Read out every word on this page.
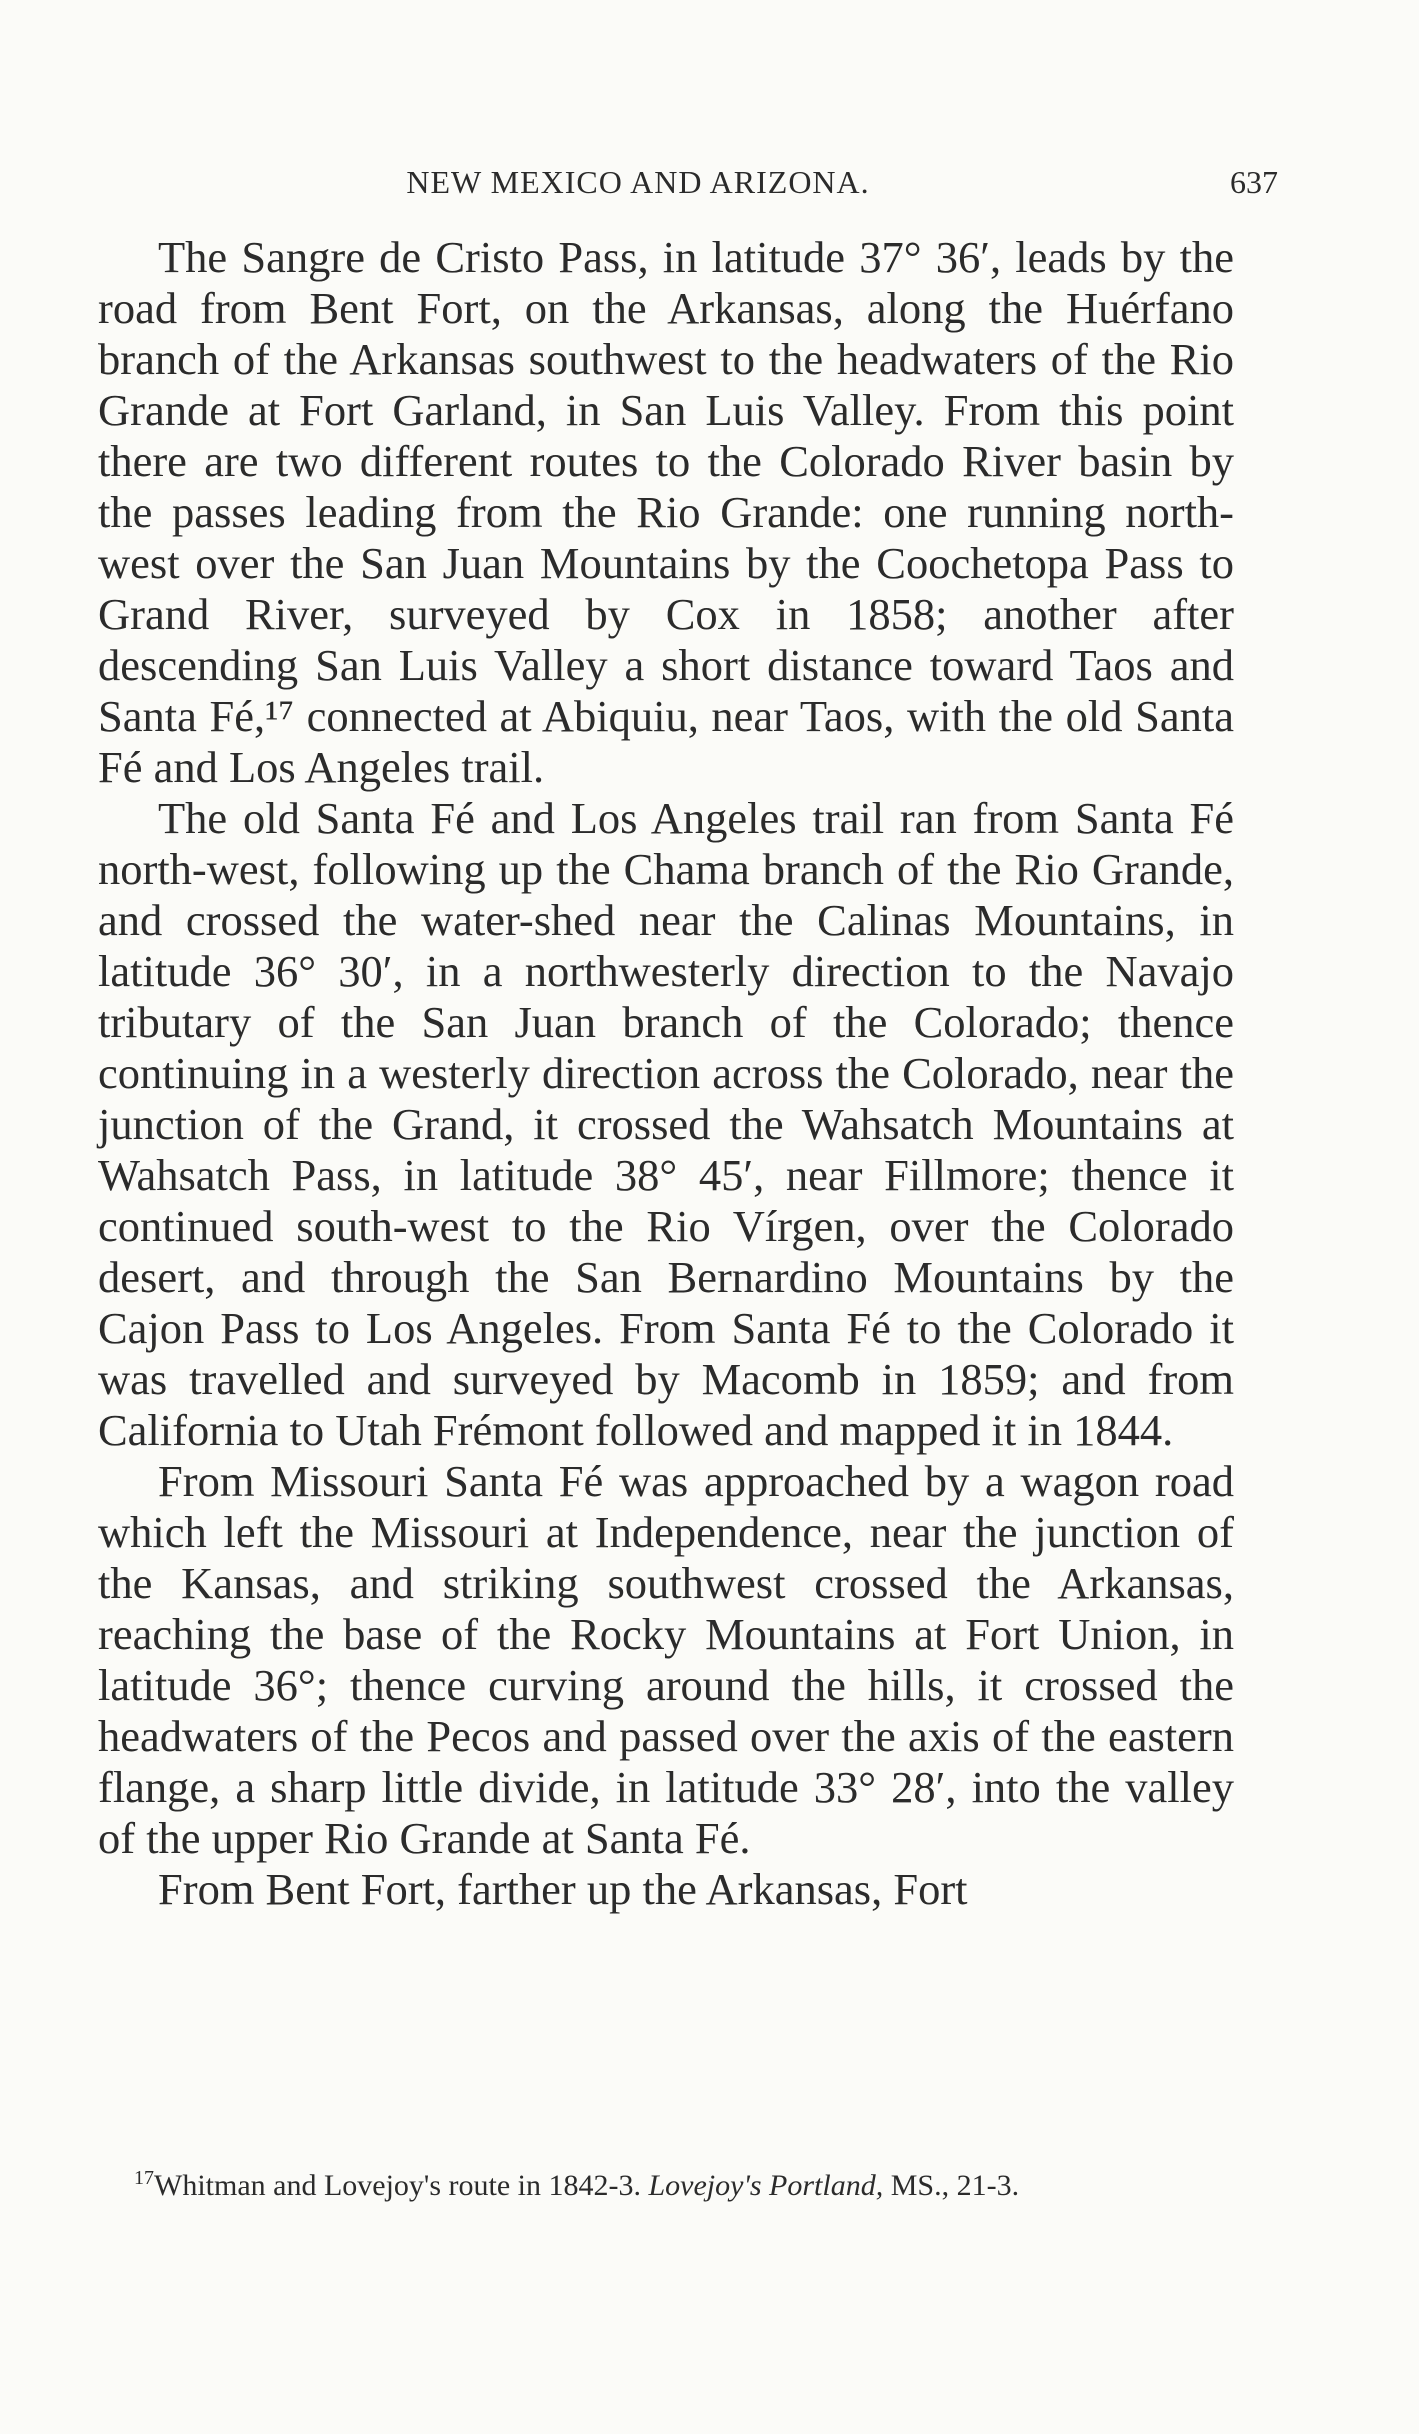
NEW MEXICO AND ARIZONA.	637

The Sangre de Cristo Pass, in latitude 37° 36′, leads by the road from Bent Fort, on the Arkansas, along the Huérfano branch of the Arkansas southwest to the headwaters of the Rio Grande at Fort Garland, in San Luis Valley. From this point there are two different routes to the Colorado River basin by the passes leading from the Rio Grande: one running north-west over the San Juan Mountains by the Coochetopa Pass to Grand River, surveyed by Cox in 1858; another after descending San Luis Valley a short distance toward Taos and Santa Fé,¹⁷ connected at Abiquiu, near Taos, with the old Santa Fé and Los Angeles trail.

The old Santa Fé and Los Angeles trail ran from Santa Fé north-west, following up the Chama branch of the Rio Grande, and crossed the water-shed near the Calinas Mountains, in latitude 36° 30′, in a northwesterly direction to the Navajo tributary of the San Juan branch of the Colorado; thence continuing in a westerly direction across the Colorado, near the junction of the Grand, it crossed the Wahsatch Mountains at Wahsatch Pass, in latitude 38° 45′, near Fillmore; thence it continued south-west to the Rio Vírgen, over the Colorado desert, and through the San Bernardino Mountains by the Cajon Pass to Los Angeles. From Santa Fé to the Colorado it was travelled and surveyed by Macomb in 1859; and from California to Utah Frémont followed and mapped it in 1844.

From Missouri Santa Fé was approached by a wagon road which left the Missouri at Independence, near the junction of the Kansas, and striking southwest crossed the Arkansas, reaching the base of the Rocky Mountains at Fort Union, in latitude 36°; thence curving around the hills, it crossed the headwaters of the Pecos and passed over the axis of the eastern flange, a sharp little divide, in latitude 33° 28′, into the valley of the upper Rio Grande at Santa Fé.

From Bent Fort, farther up the Arkansas, Fort

$^{17}$Whitman and Lovejoy's route in 1842-3. Lovejoy's Portland, MS., 21-3.
